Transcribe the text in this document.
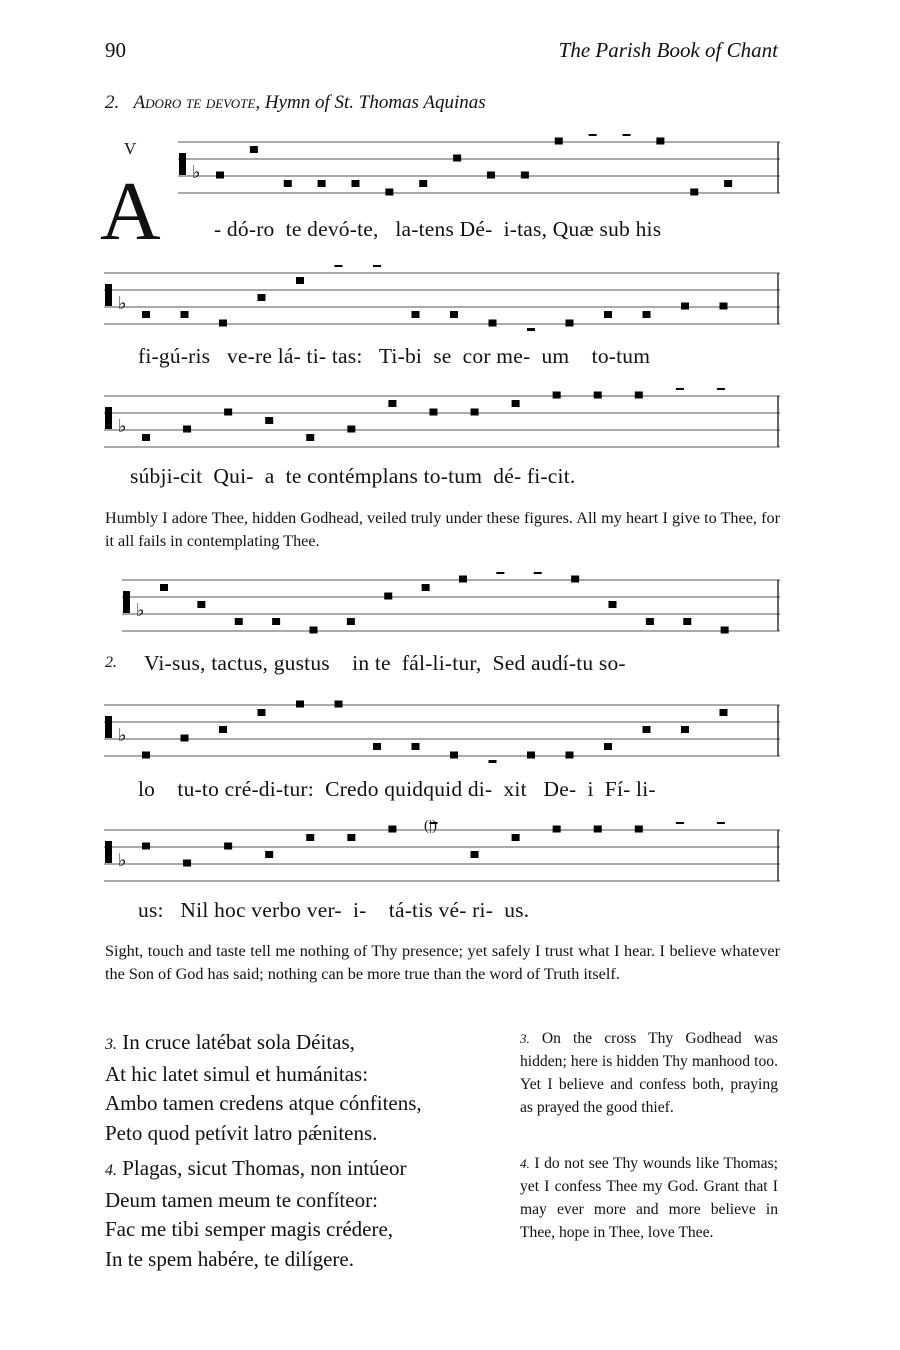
90	The Parish Book of Chant
2. Adoro te devote, Hymn of St. Thomas Aquinas
V
A ♭
- dó-ro  te devó-te,   la-tens Dé-  i-tas, Quæ sub his
♭
fi-gú-ris   ve-re lá- ti- tas:   Ti-bi  se  cor me-  um    to-tum
♭
súbji-cit  Qui-  a  te contémplans to-tum  dé- fi-cit.
Humbly I adore Thee, hidden Godhead, veiled truly under these figures. All my heart I give to Thee, for it all fails in contemplating Thee.
♭
2. Vi-sus, tactus, gustus    in te  fál-li-tur,  Sed audí-tu so-
♭
lo    tu-to cré-di-tur:  Credo quidquid di-  xit   De-  i  Fí- li-
(|)
♭
us:   Nil hoc verbo ver-  i-    tá-tis vé- ri-  us.
Sight, touch and taste tell me nothing of Thy presence; yet safely I trust what I hear. I believe whatever the Son of God has said; nothing can be more true than the word of Truth itself.
3. In cruce latébat sola Déitas,
At hic latet simul et humánitas:
Ambo tamen credens atque cónfitens,
Peto quod petívit latro pǽnitens.
3. On the cross Thy Godhead was hidden; here is hidden Thy manhood too. Yet I believe and confess both, praying as prayed the good thief.
4. Plagas, sicut Thomas, non intúeor
Deum tamen meum te confíteor:
Fac me tibi semper magis crédere,
In te spem habére, te dilígere.
4. I do not see Thy wounds like Thomas; yet I confess Thee my God. Grant that I may ever more and more believe in Thee, hope in Thee, love Thee.
